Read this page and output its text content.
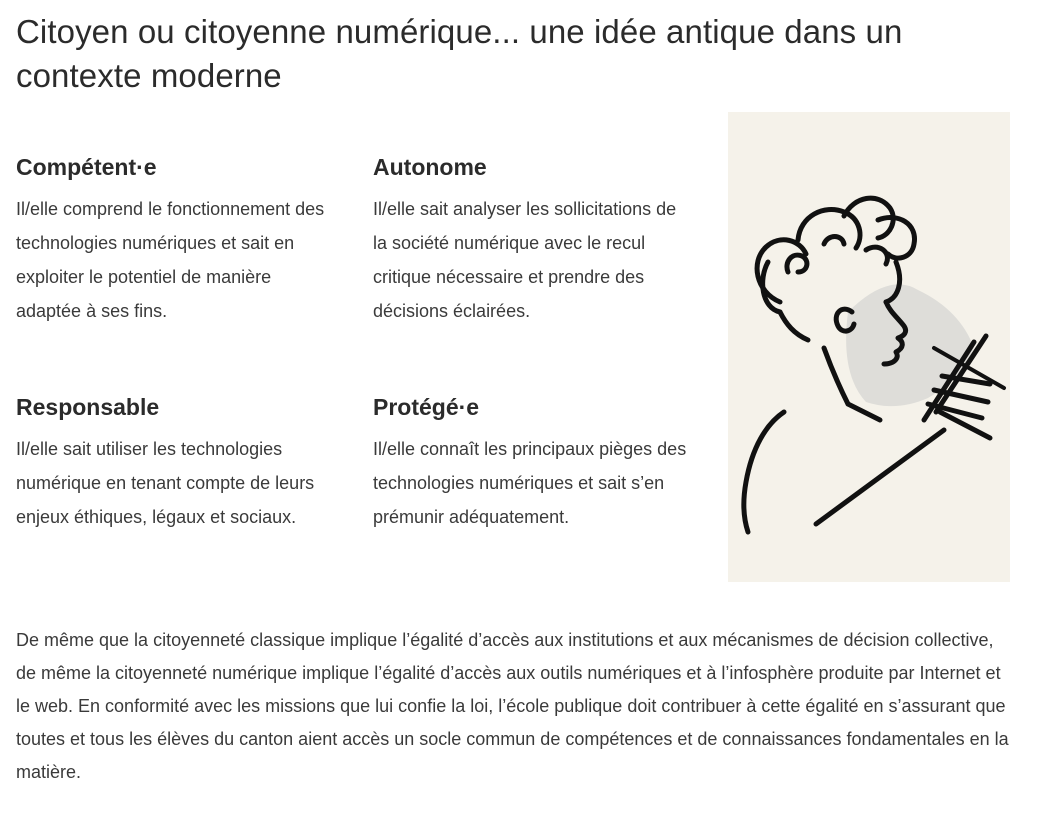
Citoyen ou citoyenne numérique... une idée antique dans un contexte moderne
Compétent·e

Il/elle comprend le fonctionnement des technologies numériques et sait en exploiter le potentiel de manière adaptée à ses fins.

Autonome

Il/elle sait analyser les sollicitations de la société numérique avec le recul critique nécessaire et prendre des décisions éclairées.

Responsable

Il/elle sait utiliser les technologies numérique en tenant compte de leurs enjeux éthiques, légaux et sociaux.

Protégé·e

Il/elle connaît les principaux pièges des technologies numériques et sait s’en prémunir adéquatement.

De même que la citoyenneté classique implique l’égalité d’accès aux institutions et aux mécanismes de décision collective, de même la citoyenneté numérique implique l’égalité d’accès aux outils numériques et à l’infosphère produite par Internet et le web. En conformité avec les missions que lui confie la loi, l’école publique doit contribuer à cette égalité en s’assurant que toutes et tous les élèves du canton aient accès un socle commun de compétences et de connaissances fondamentales en la matière.
